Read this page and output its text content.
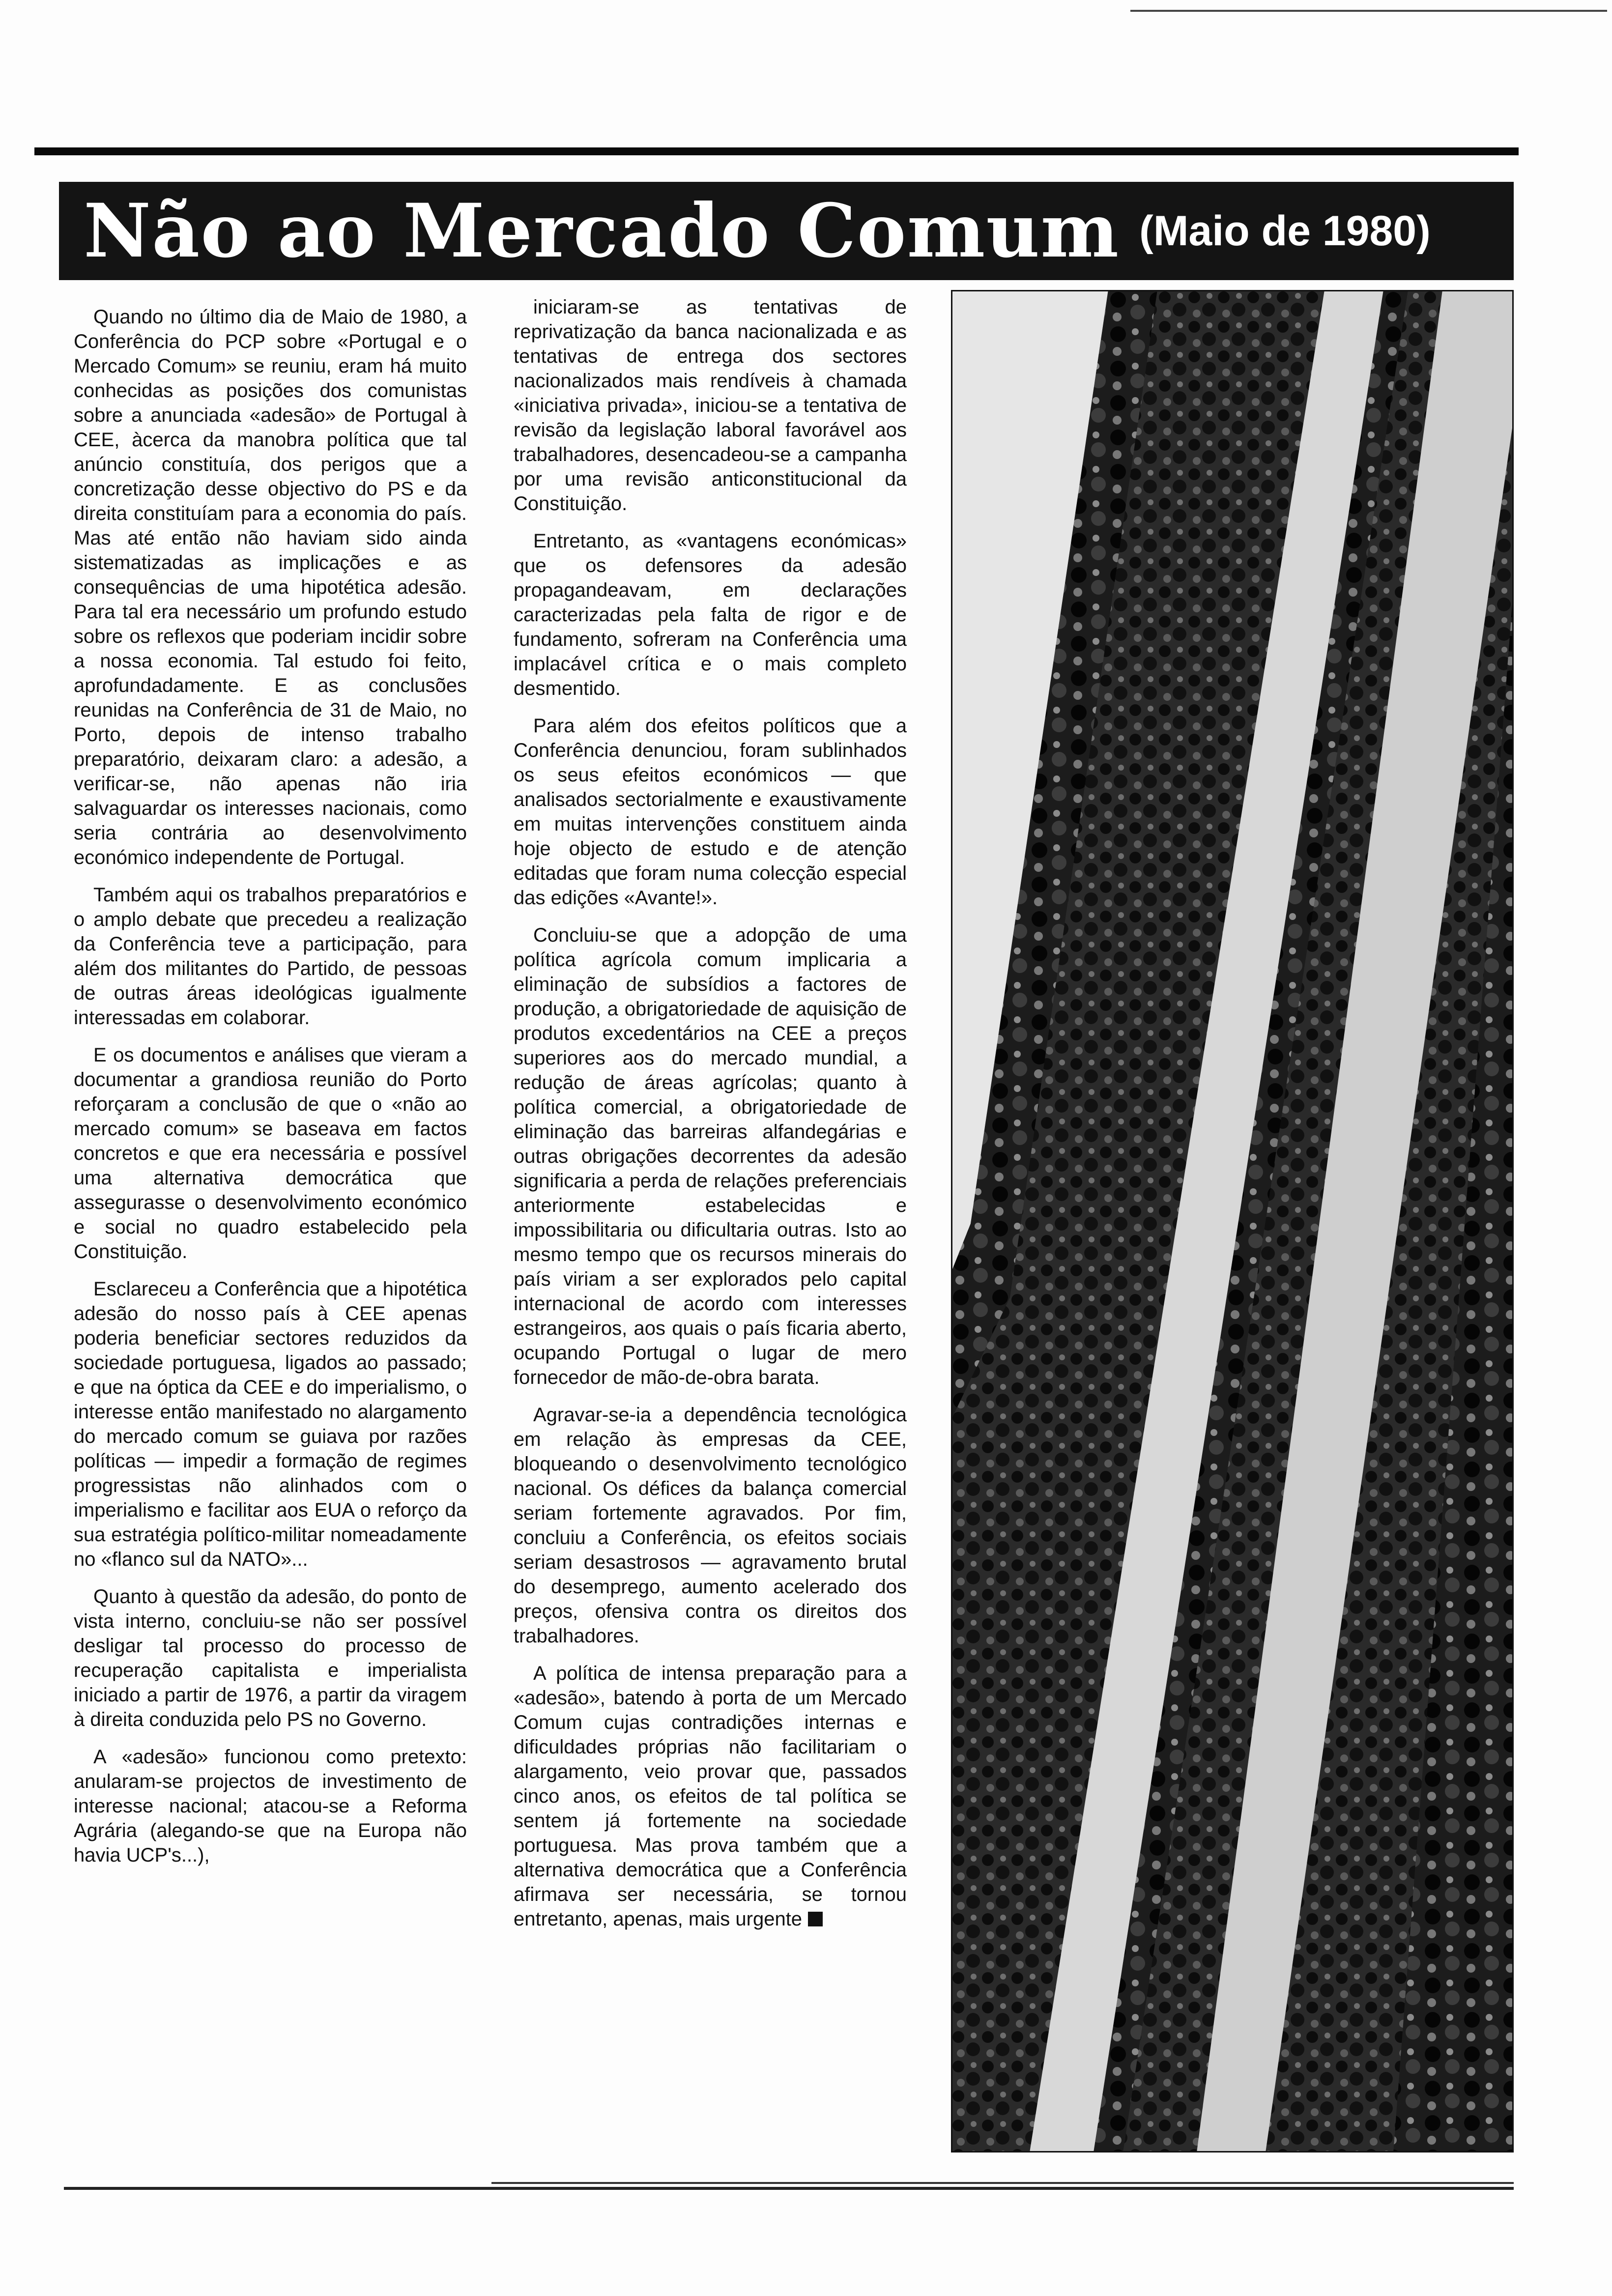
Não ao Mercado Comum (Maio de 1980)

Quando no último dia de Maio de 1980, a Conferência do PCP sobre «Portugal e o Mercado Comum» se reuniu, eram há muito conhecidas as posições dos comunistas sobre a anunciada «adesão» de Portugal à CEE, àcerca da manobra política que tal anúncio constituía, dos perigos que a concretização desse objectivo do PS e da direita constituíam para a economia do país. Mas até então não haviam sido ainda sistematizadas as implicações e as consequências de uma hipotética adesão. Para tal era necessário um profundo estudo sobre os reflexos que poderiam incidir sobre a nossa economia. Tal estudo foi feito, aprofundadamente. E as conclusões reunidas na Conferência de 31 de Maio, no Porto, depois de intenso trabalho preparatório, deixaram claro: a adesão, a verificar-se, não apenas não iria salvaguardar os interesses nacionais, como seria contrária ao desenvolvimento económico independente de Portugal.

Também aqui os trabalhos preparatórios e o amplo debate que precedeu a realização da Conferência teve a participação, para além dos militantes do Partido, de pessoas de outras áreas ideológicas igualmente interessadas em colaborar.

E os documentos e análises que vieram a documentar a grandiosa reunião do Porto reforçaram a conclusão de que o «não ao mercado comum» se baseava em factos concretos e que era necessária e possível uma alternativa democrática que assegurasse o desenvolvimento económico e social no quadro estabelecido pela Constituição.

Esclareceu a Conferência que a hipotética adesão do nosso país à CEE apenas poderia beneficiar sectores reduzidos da sociedade portuguesa, ligados ao passado; e que na óptica da CEE e do imperialismo, o interesse então manifestado no alargamento do mercado comum se guiava por razões políticas — impedir a formação de regimes progressistas não alinhados com o imperialismo e facilitar aos EUA o reforço da sua estratégia político-militar nomeadamente no «flanco sul da NATO»...

Quanto à questão da adesão, do ponto de vista interno, concluiu-se não ser possível desligar tal processo do processo de recuperação capitalista e imperialista iniciado a partir de 1976, a partir da viragem à direita conduzida pelo PS no Governo.

A «adesão» funcionou como pretexto: anularam-se projectos de investimento de interesse nacional; atacou-se a Reforma Agrária (alegando-se que na Europa não havia UCP's...),

iniciaram-se as tentativas de reprivatização da banca nacionalizada e as tentativas de entrega dos sectores nacionalizados mais rendíveis à chamada «iniciativa privada», iniciou-se a tentativa de revisão da legislação laboral favorável aos trabalhadores, desencadeou-se a campanha por uma revisão anticonstitucional da Constituição.

Entretanto, as «vantagens económicas» que os defensores da adesão propagandeavam, em declarações caracterizadas pela falta de rigor e de fundamento, sofreram na Conferência uma implacável crítica e o mais completo desmentido.

Para além dos efeitos políticos que a Conferência denunciou, foram sublinhados os seus efeitos económicos — que analisados sectorialmente e exaustivamente em muitas intervenções constituem ainda hoje objecto de estudo e de atenção editadas que foram numa colecção especial das edições «Avante!».

Concluiu-se que a adopção de uma política agrícola comum implicaria a eliminação de subsídios a factores de produção, a obrigatoriedade de aquisição de produtos excedentários na CEE a preços superiores aos do mercado mundial, a redução de áreas agrícolas; quanto à política comercial, a obrigatoriedade de eliminação das barreiras alfandegárias e outras obrigações decorrentes da adesão significaria a perda de relações preferenciais anteriormente estabelecidas e impossibilitaria ou dificultaria outras. Isto ao mesmo tempo que os recursos minerais do país viriam a ser explorados pelo capital internacional de acordo com interesses estrangeiros, aos quais o país ficaria aberto, ocupando Portugal o lugar de mero fornecedor de mão-de-obra barata.

Agravar-se-ia a dependência tecnológica em relação às empresas da CEE, bloqueando o desenvolvimento tecnológico nacional. Os défices da balança comercial seriam fortemente agravados. Por fim, concluiu a Conferência, os efeitos sociais seriam desastrosos — agravamento brutal do desemprego, aumento acelerado dos preços, ofensiva contra os direitos dos trabalhadores.

A política de intensa preparação para a «adesão», batendo à porta de um Mercado Comum cujas contradições internas e dificuldades próprias não facilitariam o alargamento, veio provar que, passados cinco anos, os efeitos de tal política se sentem já fortemente na sociedade portuguesa. Mas prova também que a alternativa democrática que a Conferência afirmava ser necessária, se tornou entretanto, apenas, mais urgente
